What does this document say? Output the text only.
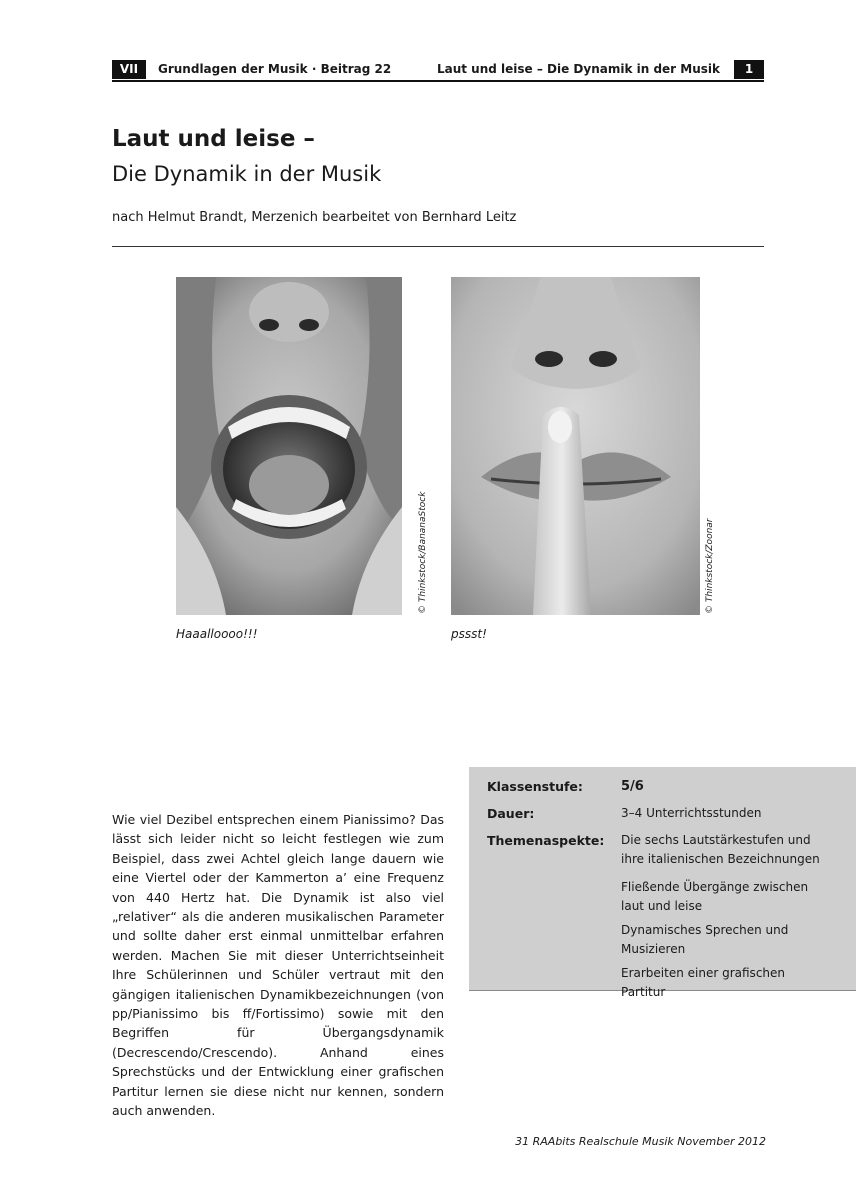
VII	Grundlagen der Musik · Beitrag 22	Laut und leise – Die Dynamik in der Musik	1
Laut und leise –
Die Dynamik in der Musik
nach Helmut Brandt, Merzenich bearbeitet von Bernhard Leitz
© Thinkstock/BananaStock
Haaalloooo!!!
© Thinkstock/Zoonar
pssst!

Wie viel Dezibel entsprechen einem Pianissimo? Das lässt sich leider nicht so leicht festlegen wie zum Beispiel, dass zwei Achtel gleich lange dauern wie eine Viertel oder der Kammerton a’ eine Frequenz von 440 Hertz hat. Die Dynamik ist also viel „relativer“ als die anderen musikalischen Parameter und sollte daher erst einmal unmittelbar erfahren werden. Machen Sie mit dieser Unterrichtseinheit Ihre Schülerinnen und Schüler vertraut mit den gängigen italienischen Dynamikbezeichnungen (von pp/Pianissimo bis ff/Fortissimo) sowie mit den Begriffen für Übergangsdynamik (Decrescendo/Crescendo). Anhand eines Sprechstücks und der Entwicklung einer grafischen Partitur lernen sie diese nicht nur kennen, sondern auch anwenden.

Klassenstufe:	5/6
Dauer:	3–4 Unterrichtsstunden
Themenaspekte: Die sechs Lautstärkestufen und ihre italienischen Bezeichnungen
Fließende Übergänge zwischen laut und leise
Dynamisches Sprechen und Musizieren
Erarbeiten einer grafischen Partitur
31 RAAbits Realschule Musik November 2012
